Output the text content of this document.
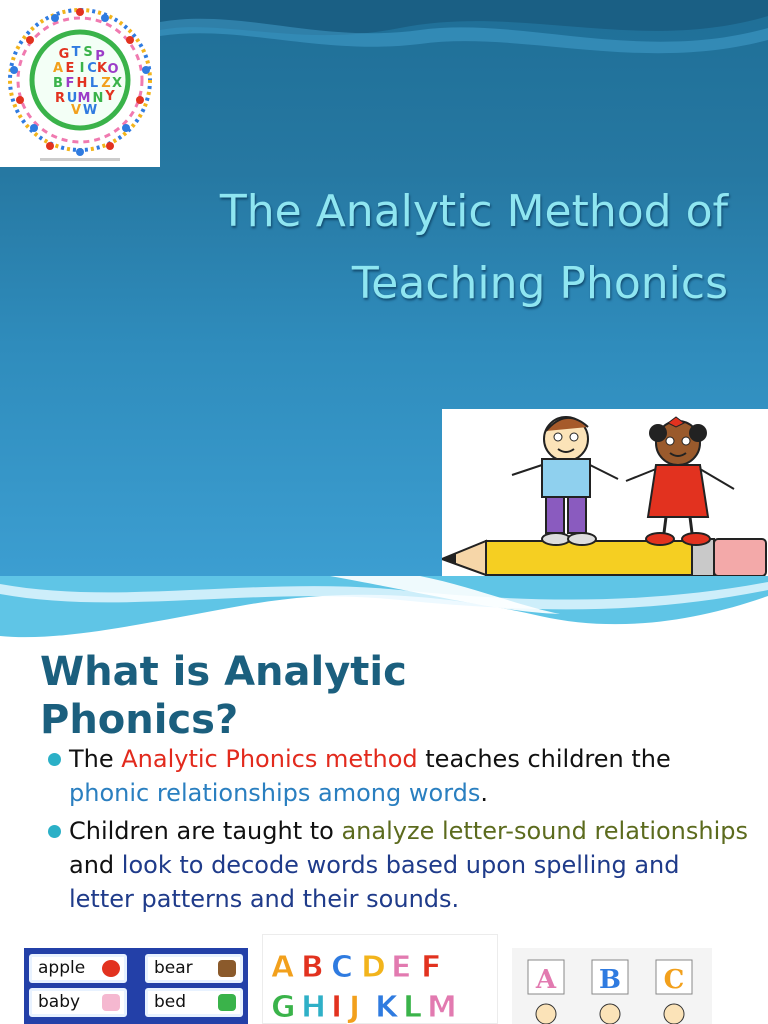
G T S P
A E I C K O
B F H L Z X
R U M N Y
V W
The Analytic Method of
Teaching Phonics
What is Analytic
Phonics?
The Analytic Phonics method teaches children the phonic relationships among words.
Children are taught to analyze letter-sound relationships and look to decode words based upon spelling and letter patterns and their sounds.
apple	bear
baby	bed
A B C D E F
G H I J K L M
A B C
